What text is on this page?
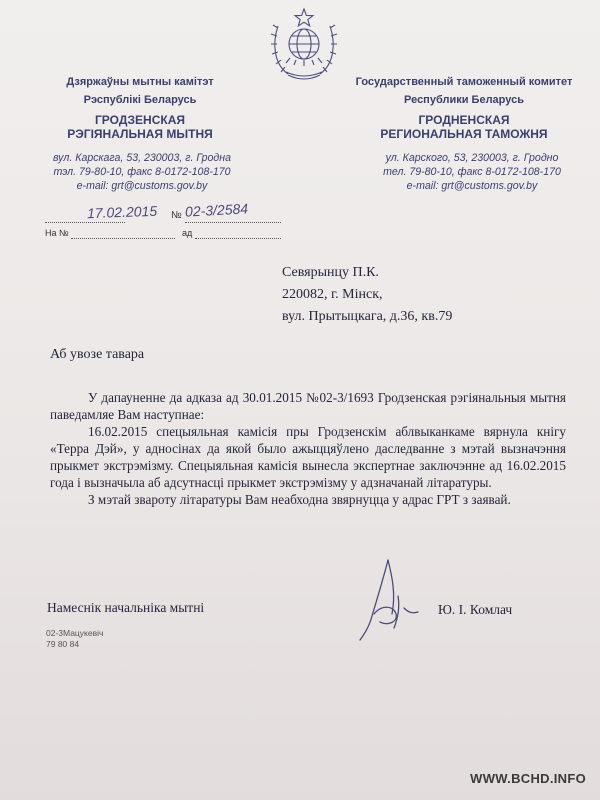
Дзяржаўны мытны камітэт
Рэспублікі Беларусь
ГРОДЗЕНСКАЯ
РЭГІЯНАЛЬНАЯ МЫТНЯ
вул. Карскага, 53, 230003, г. Гродна
тэл. 79-80-10, факс 8-0172-108-170
e-mail: grt@customs.gov.by
Государственный таможенный комитет
Республики Беларусь
ГРОДНЕНСКАЯ
РЕГИОНАЛЬНАЯ ТАМОЖНЯ
ул. Карского, 53, 230003, г. Гродно
тел. 79-80-10, факс 8-0172-108-170
e-mail: grt@customs.gov.by
17.02.2015 № 02-3/2584
На №	ад
Севярынцу П.К.
220082, г. Мінск,
вул. Прытыцкага, д.36, кв.79
Аб увозе тавара

У дапауненне да адказа ад 30.01.2015 №02-3/1693 Гродзенская рэгіянальныя мытня паведамляе Вам наступнае:

16.02.2015 спецыяльная камісія пры Гродзенскім аблвыканкаме вярнула кнігу «Терра Дэй», у адносінах да якой было ажыццяўлено даследванне з мэтай вызначэння прыкмет экстрэмізму. Спецыяльная камісія вынесла экспертнае заключэнне ад 16.02.2015 года і вызначыла аб адсутнасці прыкмет экстрэмізму у адзначанай літаратуры.

З мэтай звароту літаратуры Вам неабходна звярнуцца у адрас ГРТ з заявай.

Намеснік начальніка мытні	Ю. І. Комлач
02-3Мацукевіч
79 80 84
WWW.BCHD.INFO
